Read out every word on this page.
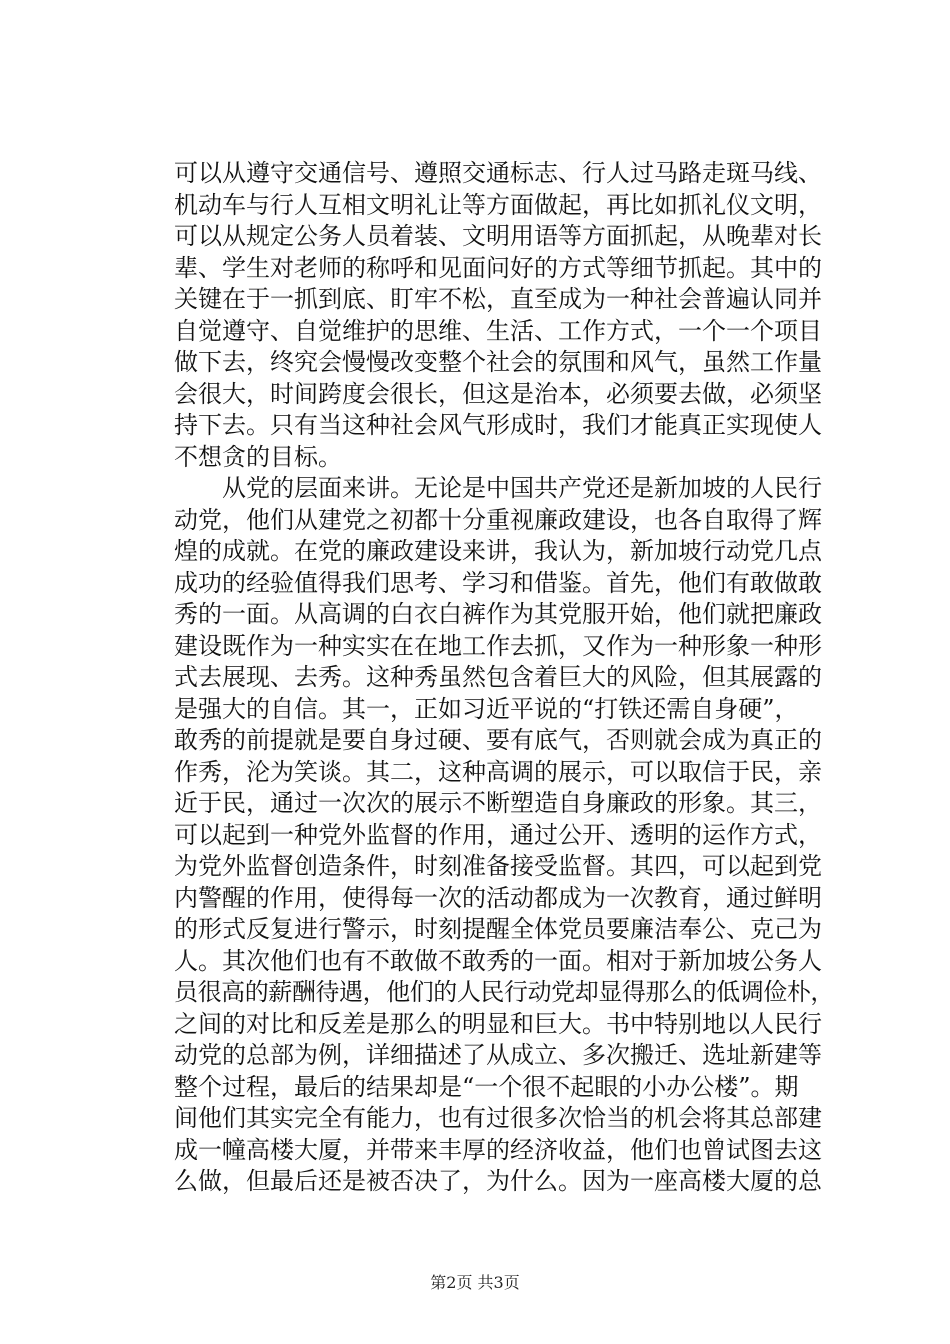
可以从遵守交通信号、遵照交通标志、行人过马路走斑马线、
机动车与行人互相文明礼让等方面做起，再比如抓礼仪文明，
可以从规定公务人员着装、文明用语等方面抓起，从晚辈对长
辈、学生对老师的称呼和见面问好的方式等细节抓起。其中的
关键在于一抓到底、盯牢不松，直至成为一种社会普遍认同并
自觉遵守、自觉维护的思维、生活、工作方式，一个一个项目
做下去，终究会慢慢改变整个社会的氛围和风气，虽然工作量
会很大，时间跨度会很长，但这是治本，必须要去做，必须坚
持下去。只有当这种社会风气形成时，我们才能真正实现使人
不想贪的目标。
　　从党的层面来讲。无论是中国共产党还是新加坡的人民行
动党，他们从建党之初都十分重视廉政建设，也各自取得了辉
煌的成就。在党的廉政建设来讲，我认为，新加坡行动党几点
成功的经验值得我们思考、学习和借鉴。首先，他们有敢做敢
秀的一面。从高调的白衣白裤作为其党服开始，他们就把廉政
建设既作为一种实实在在地工作去抓，又作为一种形象一种形
式去展现、去秀。这种秀虽然包含着巨大的风险，但其展露的
是强大的自信。其一，正如习近平说的“打铁还需自身硬”，
敢秀的前提就是要自身过硬、要有底气，否则就会成为真正的
作秀，沦为笑谈。其二，这种高调的展示，可以取信于民，亲
近于民，通过一次次的展示不断塑造自身廉政的形象。其三，
可以起到一种党外监督的作用，通过公开、透明的运作方式，
为党外监督创造条件，时刻准备接受监督。其四，可以起到党
内警醒的作用，使得每一次的活动都成为一次教育，通过鲜明
的形式反复进行警示，时刻提醒全体党员要廉洁奉公、克己为
人。其次他们也有不敢做不敢秀的一面。相对于新加坡公务人
员很高的薪酬待遇，他们的人民行动党却显得那么的低调俭朴，
之间的对比和反差是那么的明显和巨大。书中特别地以人民行
动党的总部为例，详细描述了从成立、多次搬迁、选址新建等
整个过程，最后的结果却是“一个很不起眼的小办公楼”。期
间他们其实完全有能力，也有过很多次恰当的机会将其总部建
成一幢高楼大厦，并带来丰厚的经济收益，他们也曾试图去这
么做，但最后还是被否决了，为什么。因为一座高楼大厦的总
第2页 共3页
